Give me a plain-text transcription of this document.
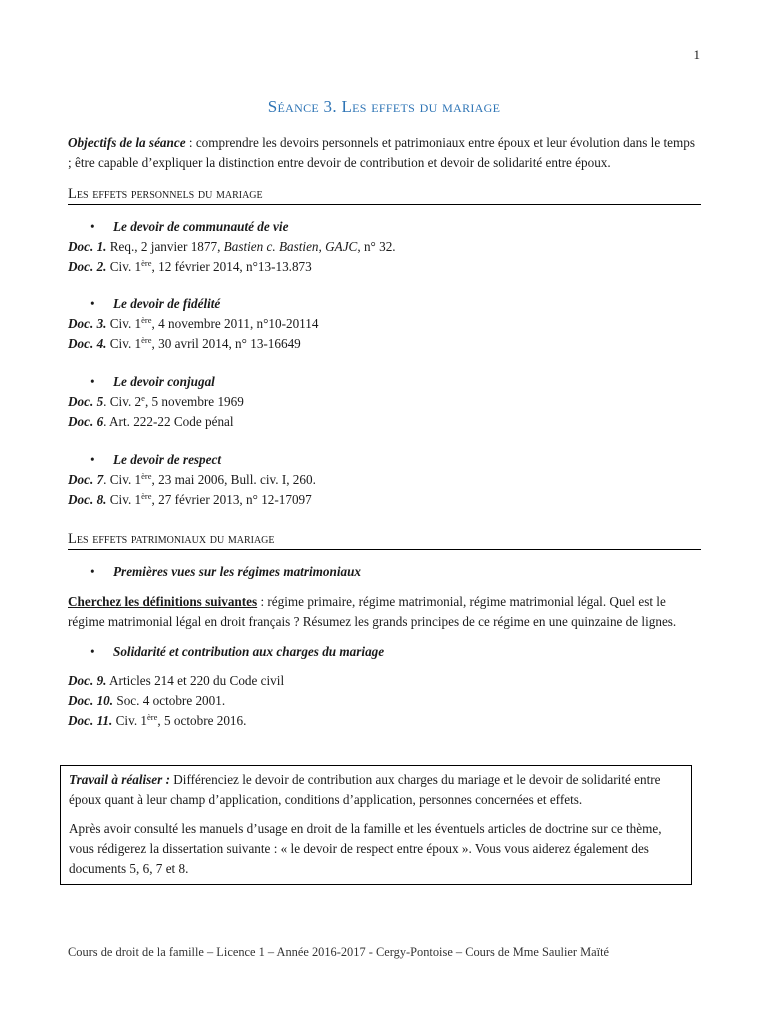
1
Séance 3. Les effets du mariage

Objectifs de la séance : comprendre les devoirs personnels et patrimoniaux entre époux et leur évolution dans le temps ; être capable d’expliquer la distinction entre devoir de contribution et devoir de solidarité entre époux.

Les effets personnels du mariage

• Le devoir de communauté de vie

Doc. 1. Req., 2 janvier 1877, Bastien c. Bastien, GAJC, n° 32.

Doc. 2. Civ. 1ère, 12 février 2014, n°13-13.873

• Le devoir de fidélité

Doc. 3. Civ. 1ère, 4 novembre 2011, n°10-20114

Doc. 4. Civ. 1ère, 30 avril 2014, n° 13-16649

• Le devoir conjugal

Doc. 5. Civ. 2e, 5 novembre 1969

Doc. 6. Art. 222-22 Code pénal

• Le devoir de respect

Doc. 7. Civ. 1ère, 23 mai 2006, Bull. civ. I, 260.

Doc. 8. Civ. 1ère, 27 février 2013, n° 12-17097

Les effets patrimoniaux du mariage

• Premières vues sur les régimes matrimoniaux

Cherchez les définitions suivantes : régime primaire, régime matrimonial, régime matrimonial légal. Quel est le régime matrimonial légal en droit français ? Résumez les grands principes de ce régime en une quinzaine de lignes.

• Solidarité et contribution aux charges du mariage

Doc. 9. Articles 214 et 220 du Code civil

Doc. 10. Soc. 4 octobre 2001.

Doc. 11. Civ. 1ère, 5 octobre 2016.

Travail à réaliser : Différenciez le devoir de contribution aux charges du mariage et le devoir de solidarité entre époux quant à leur champ d’application, conditions d’application, personnes concernées et effets.

Après avoir consulté les manuels d’usage en droit de la famille et les éventuels articles de doctrine sur ce thème, vous rédigerez la dissertation suivante : « le devoir de respect entre époux ». Vous vous aiderez également des documents 5, 6, 7 et 8.

Cours de droit de la famille – Licence 1 – Année 2016-2017 - Cergy-Pontoise – Cours de Mme Saulier Maïté
